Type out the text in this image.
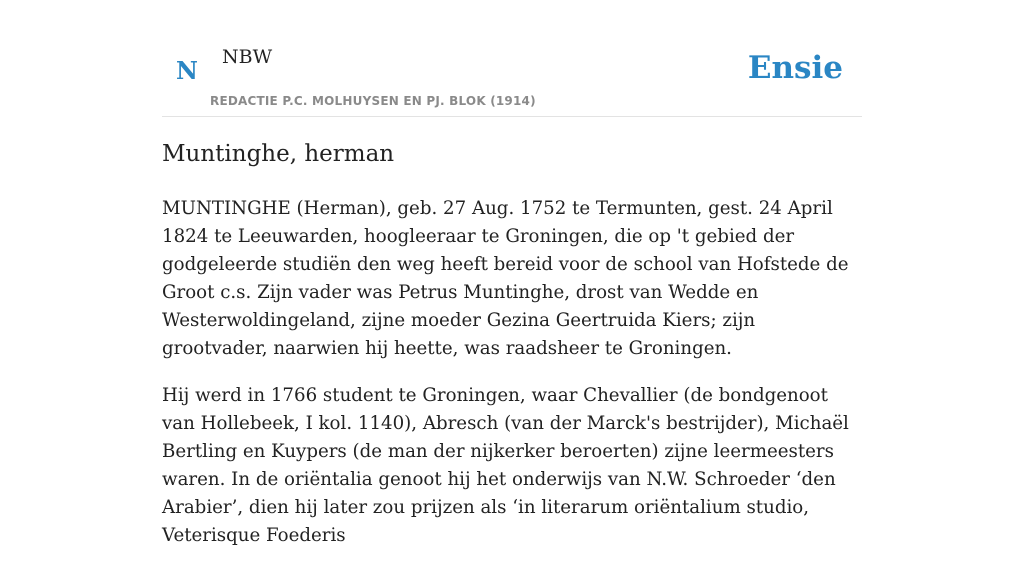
N NBW
REDACTIE P.C. MOLHUYSEN EN PJ. BLOK (1914)
Ensie
Muntinghe, herman

MUNTINGHE (Herman), geb. 27 Aug. 1752 te Termunten, gest. 24 April 1824 te Leeuwarden, hoogleeraar te Groningen, die op 't gebied der godgeleerde studiën den weg heeft bereid voor de school van Hofstede de Groot c.s. Zijn vader was Petrus Muntinghe, drost van Wedde en Westerwoldingeland, zijne moeder Gezina Geertruida Kiers; zijn grootvader, naarwien hij heette, was raadsheer te Groningen.

Hij werd in 1766 student te Groningen, waar Chevallier (de bondgenoot van Hollebeek, I kol. 1140), Abresch (van der Marck's bestrijder), Michaël Bertling en Kuypers (de man der nijkerker beroerten) zijne leermeesters waren. In de oriëntalia genoot hij het onderwijs van N.W. Schroeder ‘den Arabier’, dien hij later zou prijzen als ‘in literarum oriëntalium studio, Veterisque Foederis
